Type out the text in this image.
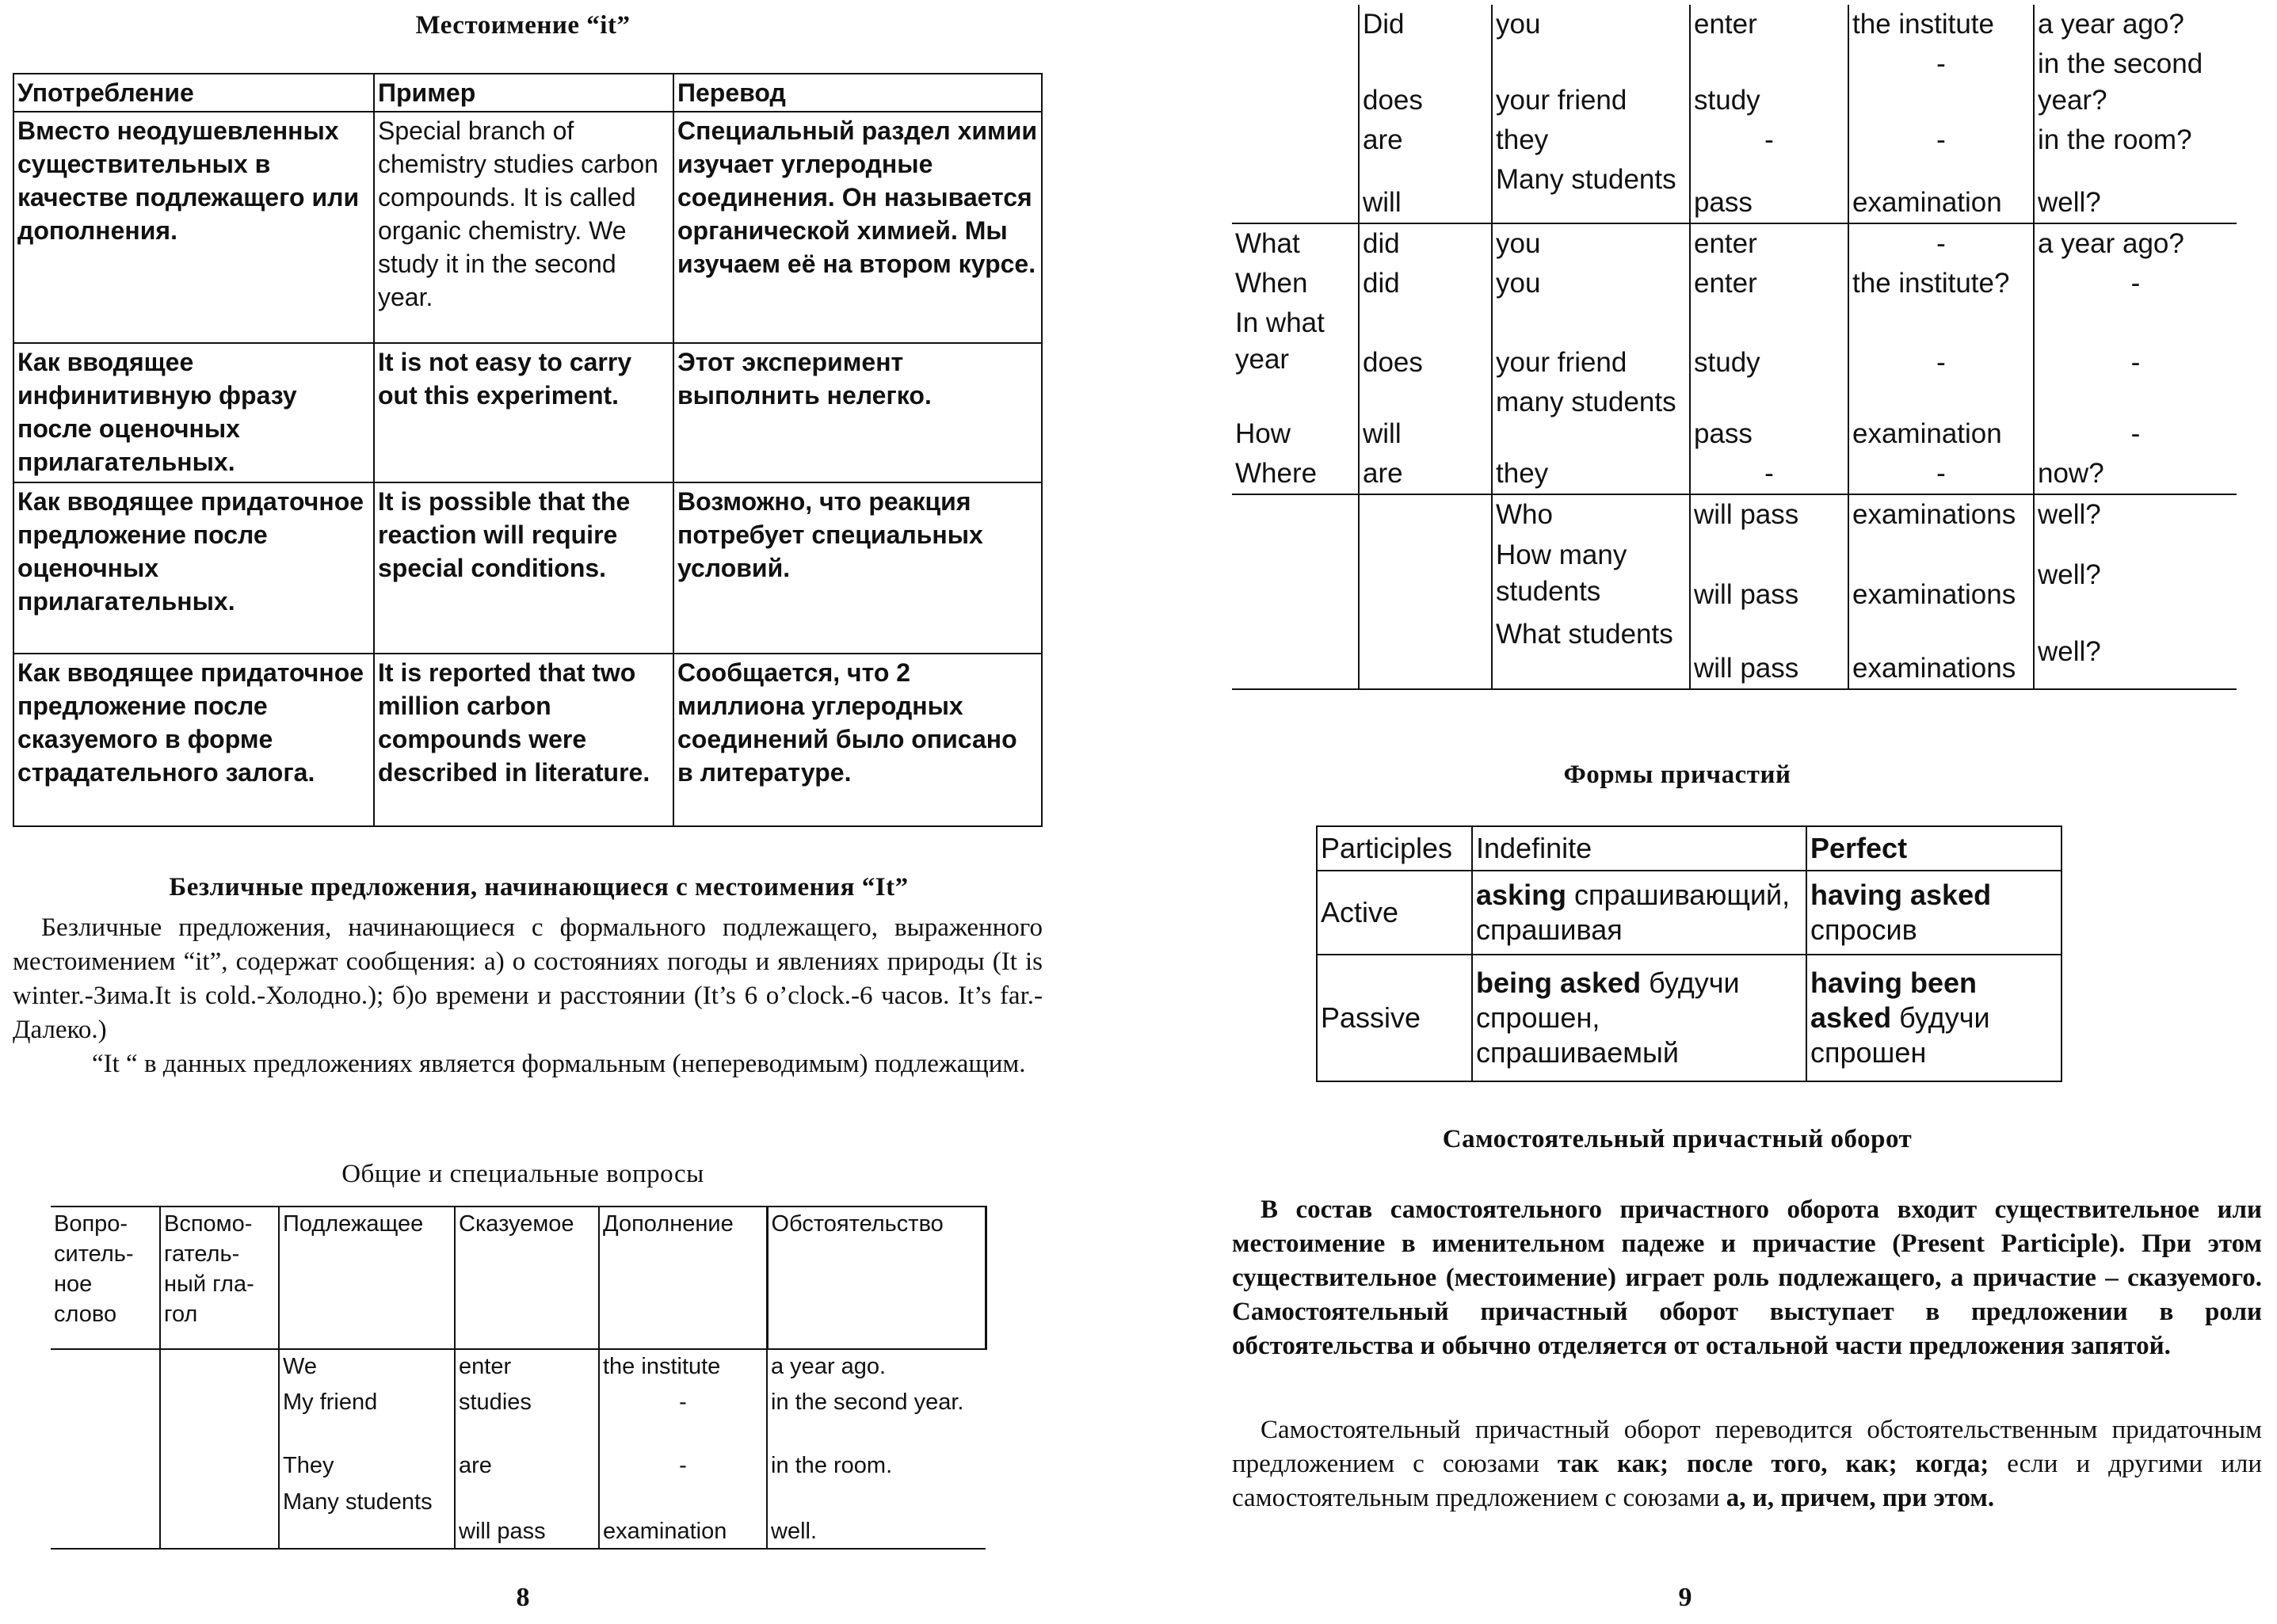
Местоимение “it”
Употребление	Пример	Перевод
Вместо неодушевленных существительных в качестве подлежащего или дополнения.	Special branch of chemistry studies carbon compounds. It is called organic chemistry. We study it in the second year.	Специальный раздел химии изучает углеродные соединения. Он называется органической химией. Мы изучаем её на втором курсе.
Как вводящее инфинитивную фразу после оценочных прилагательных.	It is not easy to carry out this experiment.	Этот эксперимент выполнить нелегко.
Как вводящее придаточное предложение после оценочных прилагательных.	It is possible that the reaction will require special conditions.	Возможно, что реакция потребует специальных условий.
Как вводящее придаточное предложение после сказуемого в форме страдательного залога.	It is reported that two million carbon compounds were described in literature.	Сообщается, что 2 миллиона углеродных соединений было описано в литературе.
Безличные предложения, начинающиеся с местоимения “It”
Безличные предложения, начинающиеся с формального подлежащего, выраженного местоимением “it”, содержат сообщения: а) о состояниях погоды и явлениях природы (It is winter.-Зима.It is cold.-Холодно.); б)о времени и расстоянии (It’s 6 o’clock.-6 часов. It’s far.- Далеко.)
“It “ в данных предложениях является формальным (непереводимым) подлежащим.
Общие и специальные вопросы
Вопро-ситель-ное слово	Вспомо-гатель-ный гла-гол	Подлежащее	Сказуемое	Дополнение	Обстоятельство
		We	enter	the institute	a year ago.
		My friend	studies	-	in the second year.
		They	are	-	in the room.
		Many students	will pass	examination	well.
8
	Did	you	enter	the institute	a year ago?
	does	your friend	study	-	in the second year?
	are	they	-	-	in the room?
	will	Many students	pass	examination	well?
What	did	you	enter	-	a year ago?
When	did	you	enter	the institute?	-
In what year	does	your friend	study	-	-
How	will	many students	pass	examination	-
Where	are	they	-	-	now?
		Who	will pass	examinations	well?
		How many students	will pass	examinations	well?
		What students	will pass	examinations	well?
Формы причастий
Participles	Indefinite	Perfect
Active	asking спрашивающий, спрашивая	having asked спросив
Passive	being asked будучи спрошен, спрашиваемый	having been asked будучи спрошен
Самостоятельный причастный оборот
В состав самостоятельного причастного оборота входит существительное или местоимение в именительном падеже и причастие (Present Participle). При этом существительное (местоимение) играет роль подлежащего, а причастие – сказуемого. Самостоятельный причастный оборот выступает в предложении в роли обстоятельства и обычно отделяется от остальной части предложения запятой.
Самостоятельный причастный оборот переводится обстоятельственным придаточным предложением с союзами так как; после того, как; когда; если и другими или самостоятельным предложением с союзами а, и, причем, при этом.
9
